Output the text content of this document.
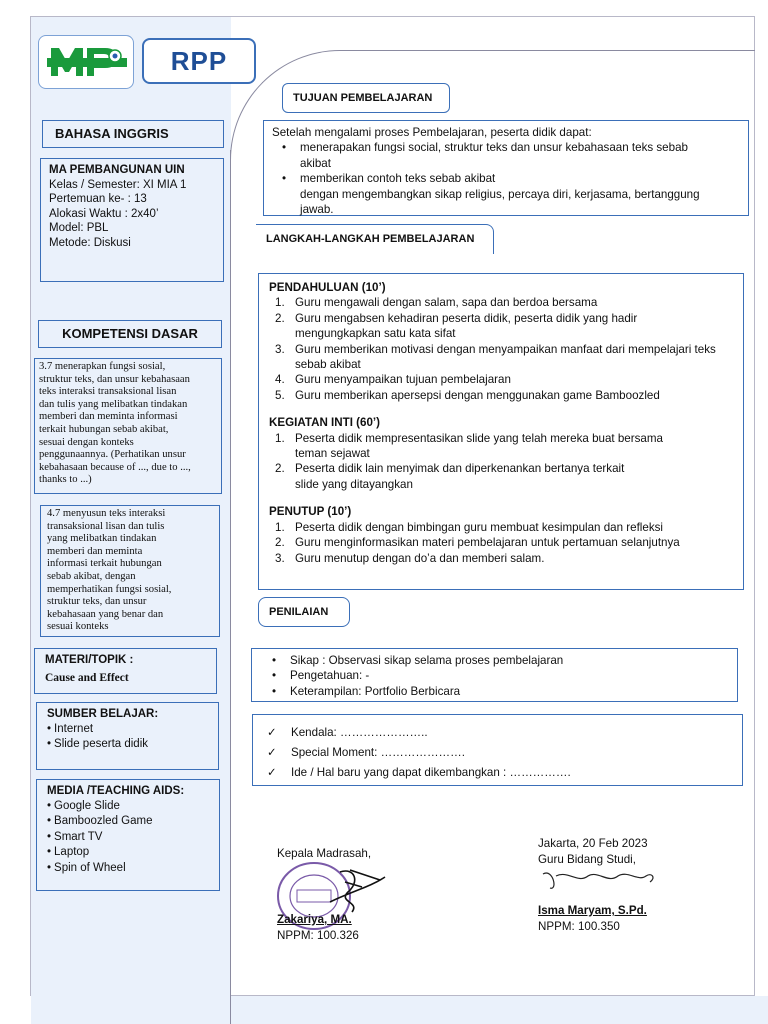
RPP
BAHASA INGGRIS
MA PEMBANGUNAN UIN
Kelas / Semester: XI MIA 1
Pertemuan ke- : 13
Alokasi Waktu : 2x40’
Model: PBL
Metode: Diskusi
KOMPETENSI DASAR
3.7 menerapkan fungsi sosial,
struktur teks, dan unsur kebahasaan
teks interaksi transaksional lisan
dan tulis yang melibatkan tindakan
memberi dan meminta informasi
terkait hubungan sebab akibat,
sesuai dengan konteks
penggunaannya. (Perhatikan unsur
kebahasaan because of ..., due to ...,
thanks to ...)
4.7 menyusun teks interaksi
transaksional lisan dan tulis
yang melibatkan tindakan
memberi dan meminta
informasi terkait hubungan
sebab akibat, dengan
memperhatikan fungsi sosial,
struktur teks, dan unsur
kebahasaan yang benar dan
sesuai konteks
MATERI/TOPIK :
Cause and Effect
SUMBER BELAJAR:
• Internet
• Slide peserta didik
MEDIA /TEACHING AIDS:
• Google Slide
• Bamboozled Game
• Smart TV
• Laptop
• Spin of Wheel
TUJUAN PEMBELAJARAN
Setelah mengalami proses Pembelajaran, peserta didik dapat:
• menerapakan fungsi social, struktur teks dan unsur kebahasaan teks sebab
akibat
• memberikan contoh teks sebab akibat
dengan mengembangkan sikap religius, percaya diri, kerjasama, bertanggung
jawab.
LANGKAH-LANGKAH PEMBELAJARAN
PENDAHULUAN (10’)
1. Guru mengawali dengan salam, sapa dan berdoa bersama
2. Guru mengabsen kehadiran peserta didik, peserta didik yang hadir
mengungkapkan satu kata sifat
3. Guru memberikan motivasi dengan menyampaikan manfaat dari mempelajari teks
sebab akibat
4. Guru menyampaikan tujuan pembelajaran
5. Guru memberikan apersepsi dengan menggunakan game Bamboozled
KEGIATAN INTI (60’)
1. Peserta didik mempresentasikan slide yang telah mereka buat bersama
teman sejawat
2. Peserta didik lain menyimak dan diperkenankan bertanya terkait
slide yang ditayangkan
PENUTUP (10’)
1. Peserta didik dengan bimbingan guru membuat kesimpulan dan refleksi
2. Guru menginformasikan materi pembelajaran untuk pertamuan selanjutnya
3. Guru menutup dengan do’a dan memberi salam.
PENILAIAN
• Sikap : Observasi sikap selama proses pembelajaran
• Pengetahuan: -
• Keterampilan: Portfolio Berbicara
✓ Kendala: …………………..
✓ Special Moment: ………………….
✓ Ide / Hal baru yang dapat dikembangkan : …………….
Kepala Madrasah,
Zakariya, MA.
NPPM: 100.326
Jakarta, 20 Feb 2023
Guru Bidang Studi,
Isma Maryam, S.Pd.
NPPM: 100.350
